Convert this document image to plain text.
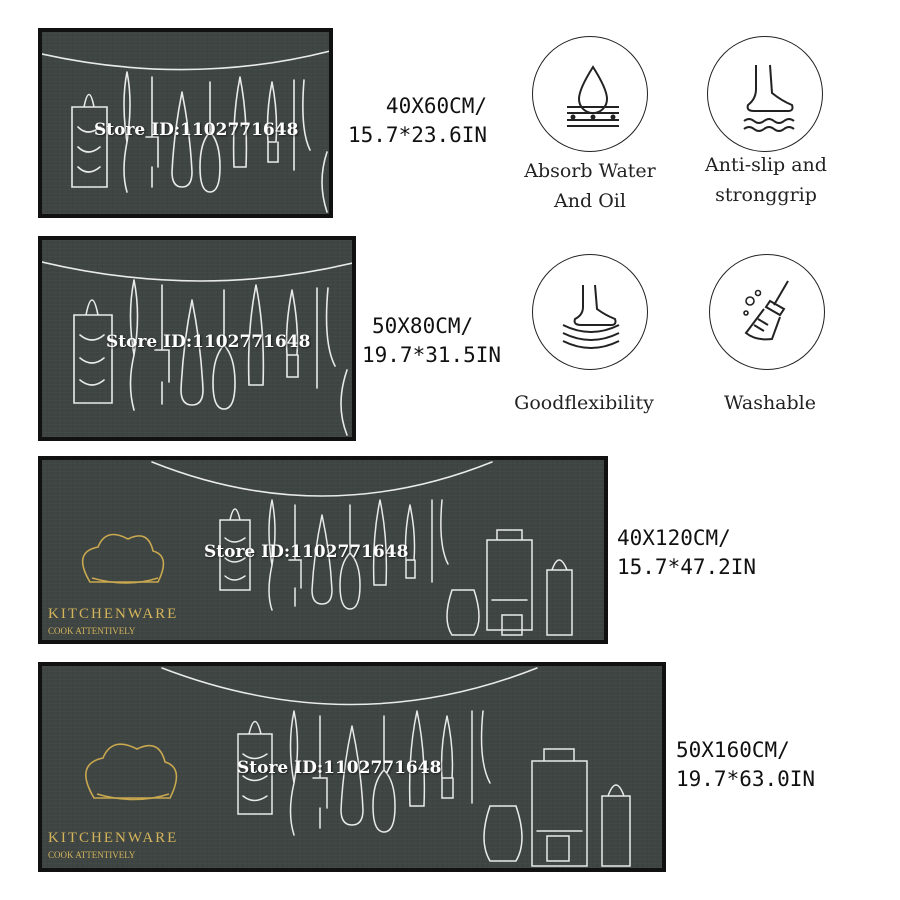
Store ID:1102771648
Store ID:1102771648
Store ID:1102771648
KITCHENWARE
COOK ATTENTIVELY
Store ID:1102771648
KITCHENWARE
COOK ATTENTIVELY
40X60CM/
15.7*23.6IN
50X80CM/
19.7*31.5IN
40X120CM/
15.7*47.2IN
50X160CM/
19.7*63.0IN
Absorb Water
And Oil
Anti-slip and
stronggrip
Goodflexibility	Washable
